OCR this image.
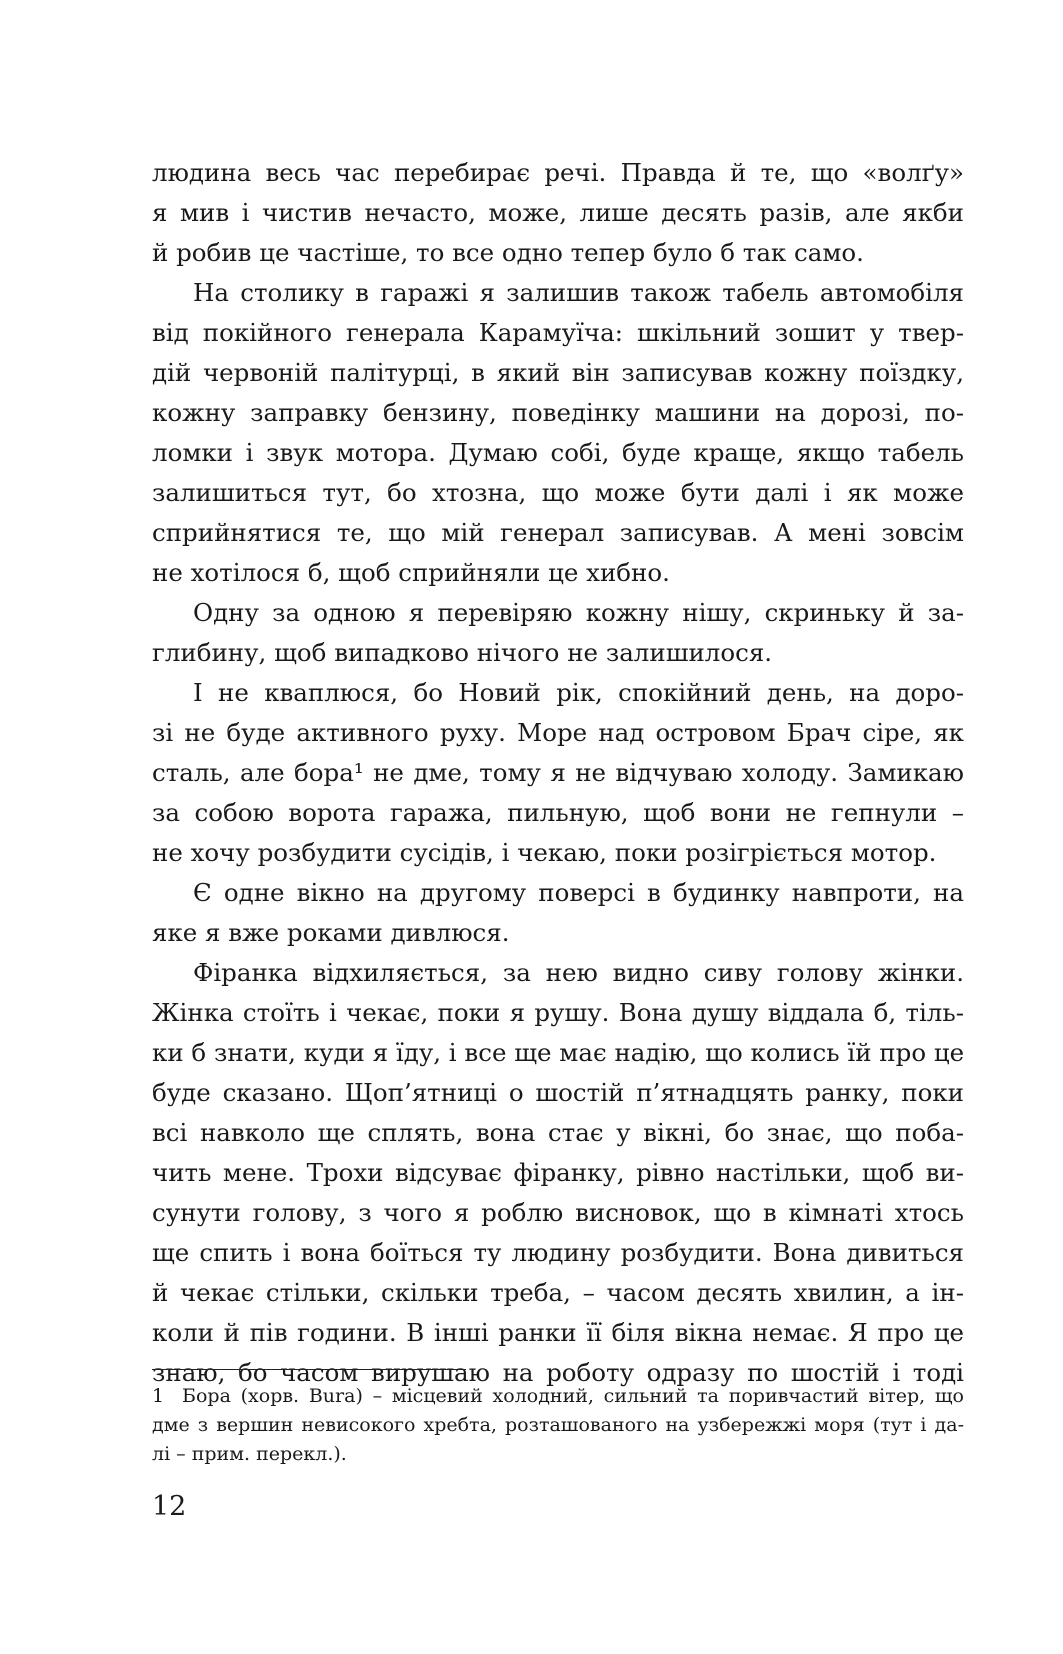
людина весь час перебирає речі. Правда й те, що «волґу»
я мив і чистив нечасто, може, лише десять разів, але якби
й робив це частіше, то все одно тепер було б так само.
На столику в гаражі я залишив також табель автомобіля
від покійного генерала Карамуїча: шкільний зошит у твер-
дій червоній палітурці, в який він записував кожну поїздку,
кожну заправку бензину, поведінку машини на дорозі, по-
ломки і звук мотора. Думаю собі, буде краще, якщо табель
залишиться тут, бо хтозна, що може бути далі і як може
сприйнятися те, що мій генерал записував. А мені зовсім
не хотілося б, щоб сприйняли це хибно.
Одну за одною я перевіряю кожну нішу, скриньку й за-
глибину, щоб випадково нічого не залишилося.
І не кваплюся, бо Новий рік, спокійний день, на доро-
зі не буде активного руху. Море над островом Брач сіре, як
сталь, але бора¹ не дме, тому я не відчуваю холоду. Замикаю
за собою ворота гаража, пильную, щоб вони не гепнули –
не хочу розбудити сусідів, і чекаю, поки розігріється мотор.
Є одне вікно на другому поверсі в будинку навпроти, на
яке я вже роками дивлюся.
Фіранка відхиляється, за нею видно сиву голову жінки.
Жінка стоїть і чекає, поки я рушу. Вона душу віддала б, тіль-
ки б знати, куди я їду, і все ще має надію, що колись їй про це
буде сказано. Щоп’ятниці о шостій п’ятнадцять ранку, поки
всі навколо ще сплять, вона стає у вікні, бо знає, що поба-
чить мене. Трохи відсуває фіранку, рівно настільки, щоб ви-
сунути голову, з чого я роблю висновок, що в кімнаті хтось
ще спить і вона боїться ту людину розбудити. Вона дивиться
й чекає стільки, скільки треба, – часом десять хвилин, а ін-
коли й пів години. В інші ранки її біля вікна немає. Я про це
знаю, бо часом вирушаю на роботу одразу по шостій і тоді
1 Бора (хорв. Bura) – місцевий холодний, сильний та поривчастий вітер, що
дме з вершин невисокого хребта, розташованого на узбережжі моря (тут і да-
лі – прим. перекл.).
12
